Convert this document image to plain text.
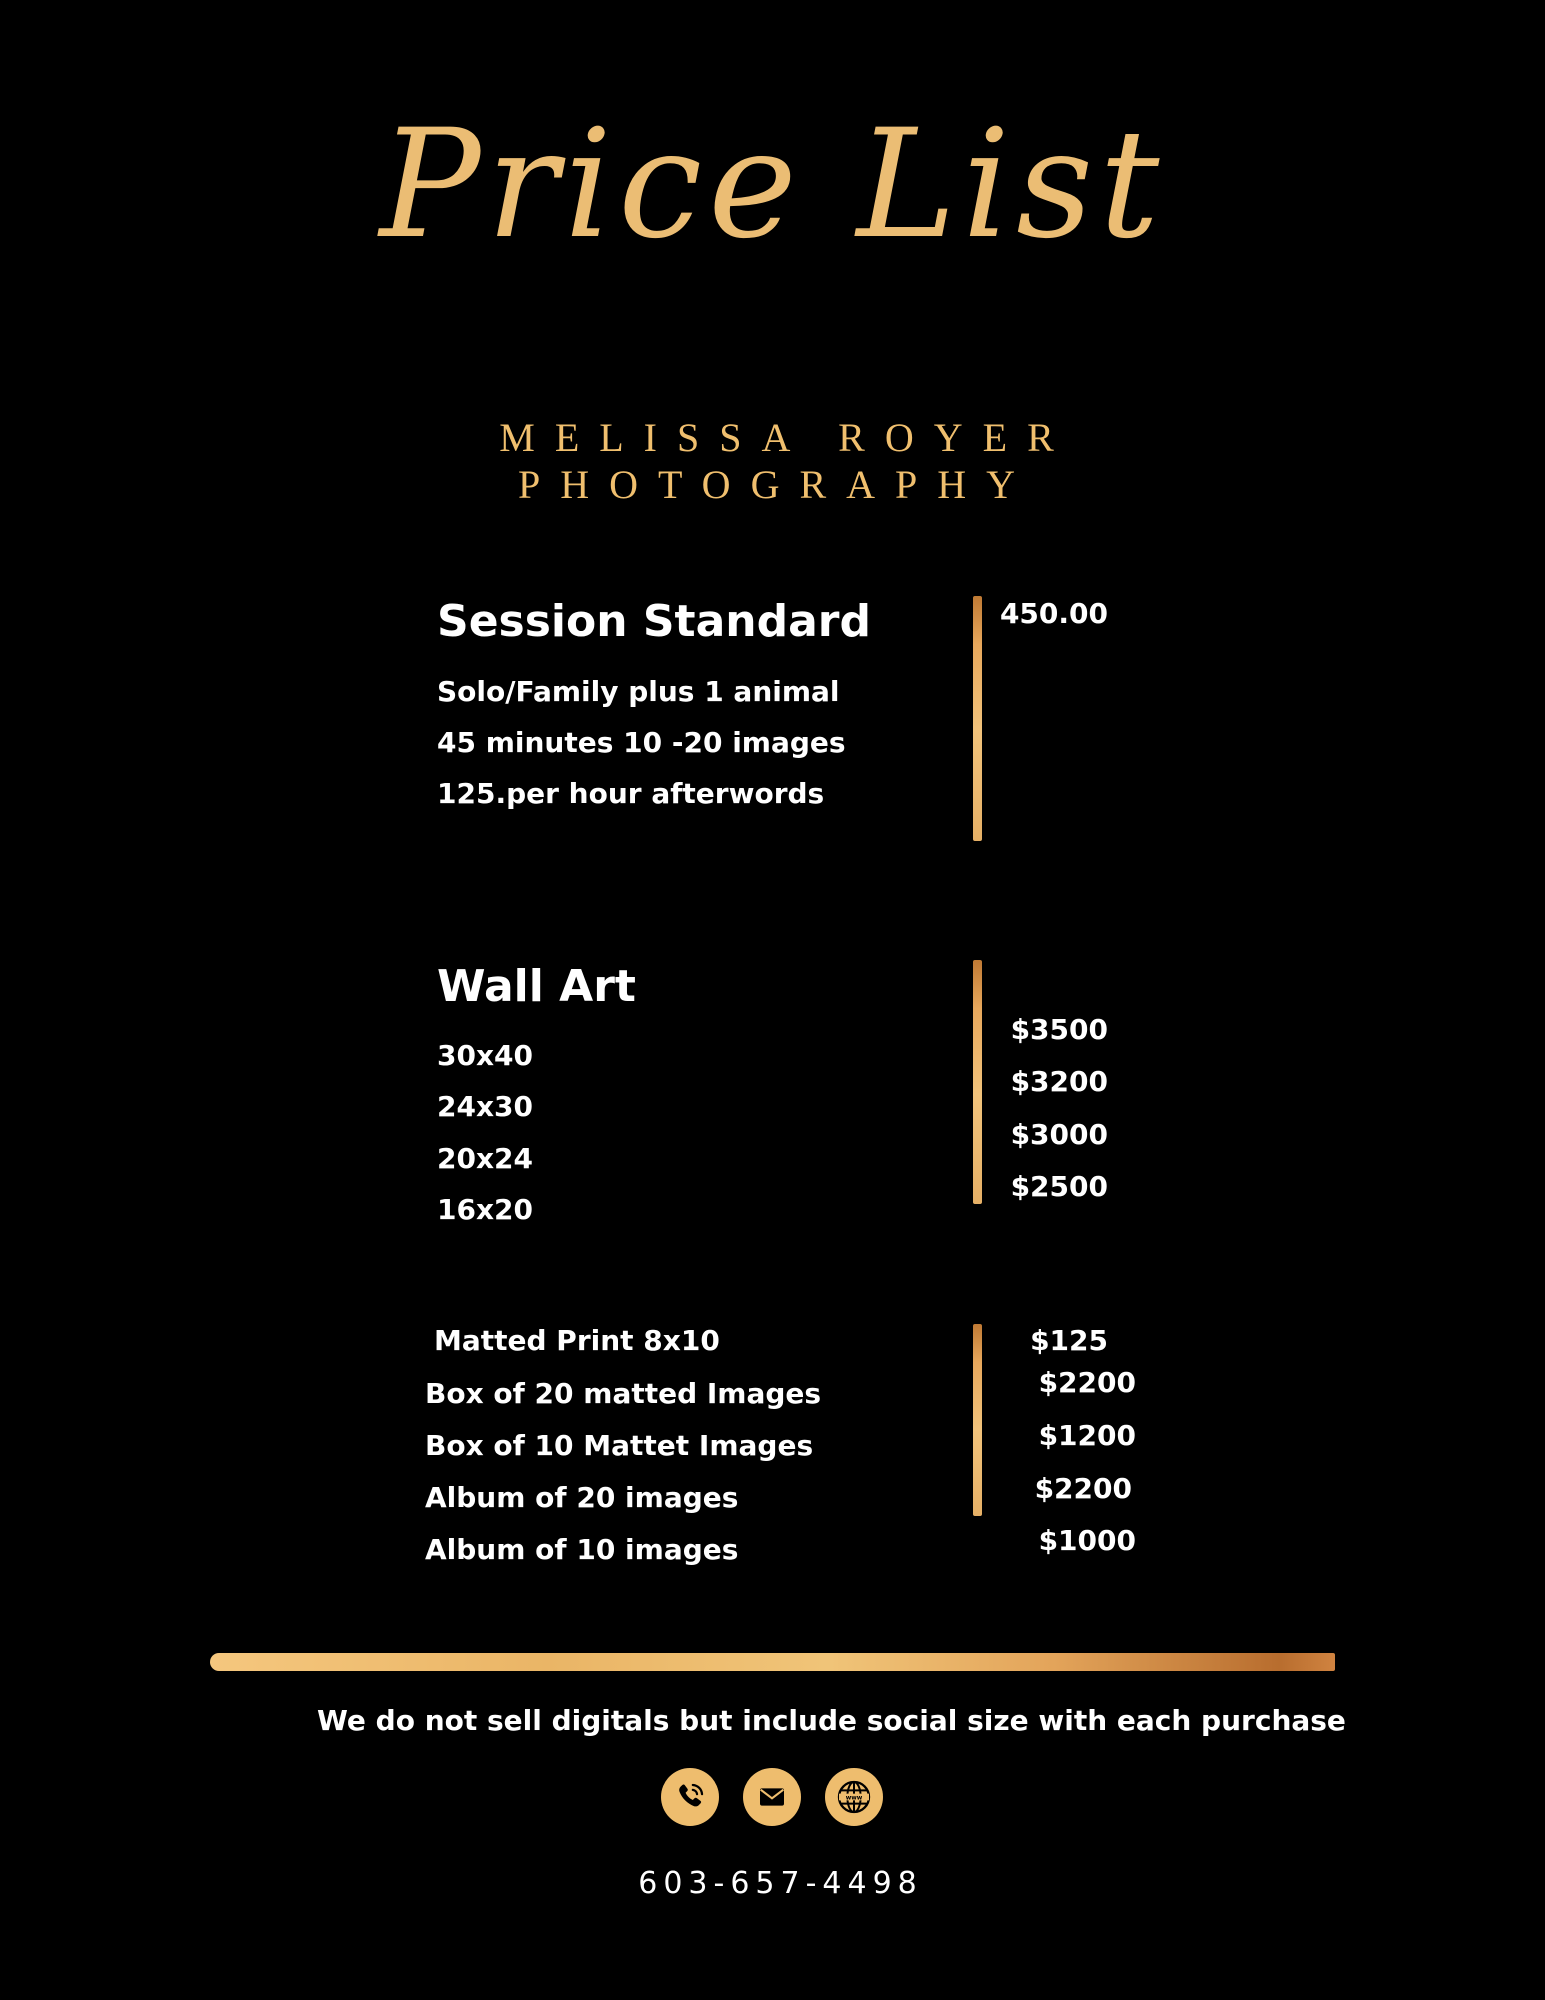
Price List
MELISSA ROYER
PHOTOGRAPHY
Session Standard
Solo/Family plus 1 animal
45 minutes 10 -20 images
125.per hour afterwords
450.00
Wall Art
30x40
24x30
20x24
16x20
$3500
$3200
$3000
$2500
Matted Print 8x10
Box of 20 matted Images
Box of 10 Mattet Images
Album of 20 images
Album of 10 images
$125
$2200
$1200
$2200
$1000
We do not sell digitals but include social size with each purchase
www
603-657-4498
